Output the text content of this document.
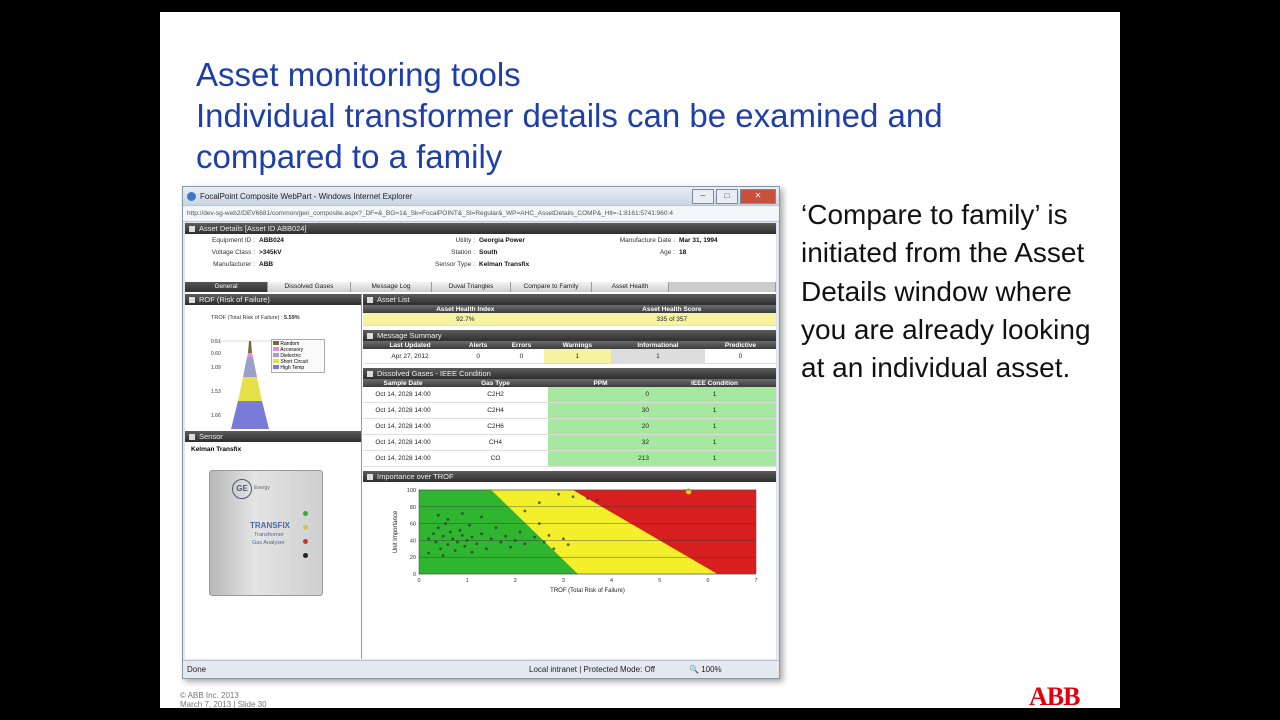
Asset monitoring tools
Individual transformer details can be examined and
compared to a family
FocalPoint Composite WebPart - Windows Internet Explorer	–	□	✕
http://dev-sg-web2/DEV6681/common/gen_composite.aspx?_DF=&_BG=1&_Sk=FocalPOINT&_Sl=Regular&_WP=AHC_AssetDetails_COMP&_Hlt=-1:8161:5741:960:4
Asset Details [Asset ID ABB024]
Equipment ID : ABB024
Voltage Class : >345kV
Manufacturer : ABB
Utility : Georgia Power
Station : South
Sensor Type : Kelman Transfix
Manufacture Date : Mar 31, 1994
Age : 18
General	Dissolved Gases	Message Log	Duval Triangles	Compare to Family	Asset Health
ROF (Risk of Failure)
TROF (Total Risk of Failure) : 5.59%
0.51
0.60
1.09
1.53
1.66
Random
Accessory
Dielectric
Short Circuit
High Temp
Sensor
Kelman Transfix
GE	Energy
TRANSFIX
Transformer
Gas Analyser
Asset List
Asset Health Index	Asset Health Score
92.7%	335 of 357
Message Summary
Last Updated	Alerts	Errors	Warnings	Informational	Predictive
Apr 27, 2012	0	0	1	1	0
Dissolved Gases - IEEE Condition
Sample Date	Gas Type	PPM	IEEE Condition
Oct 14, 2028 14:00	C2H2	0	1
Oct 14, 2028 14:00	C2H4	30	1
Oct 14, 2028 14:00	C2H6	20	1
Oct 14, 2028 14:00	CH4	32	1
Oct 14, 2028 14:00	CO	213	1
Importance over TROF
0
20
40
60
80
100
0	1	2	3	4	5	6	7
TROF (Total Risk of Failure)
Unit Importance
Done	Local intranet | Protected Mode: Off	🔍 100%
‘Compare to family’ is initiated from the Asset Details window where you are already looking at an individual asset.
© ABB Inc. 2013
March 7, 2013 | Slide 30	ABB
